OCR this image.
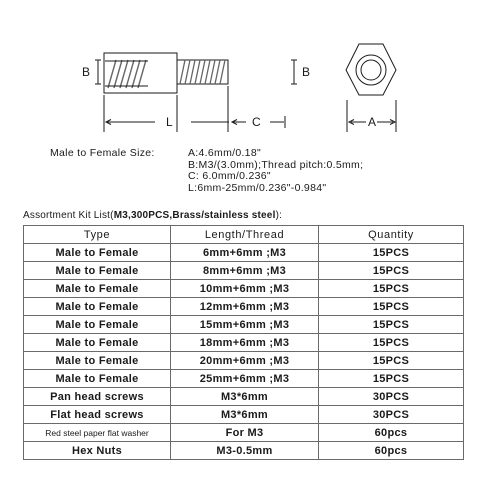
B	B
L	C	A
Male to Female Size:	A:4.6mm/0.18"
B:M3/(3.0mm);Thread pitch:0.5mm;
C: 6.0mm/0.236"
L:6mm-25mm/0.236"-0.984"
Assortment Kit List(M3,300PCS,Brass/stainless steel):
Type	Length/Thread	Quantity
Male to Female	6mm+6mm ;M3	15PCS
Male to Female	8mm+6mm ;M3	15PCS
Male to Female	10mm+6mm ;M3	15PCS
Male to Female	12mm+6mm ;M3	15PCS
Male to Female	15mm+6mm ;M3	15PCS
Male to Female	18mm+6mm ;M3	15PCS
Male to Female	20mm+6mm ;M3	15PCS
Male to Female	25mm+6mm ;M3	15PCS
Pan head screws	M3*6mm	30PCS
Flat head screws	M3*6mm	30PCS
Red steel paper flat washer	For M3	60pcs
Hex Nuts	M3-0.5mm	60pcs
